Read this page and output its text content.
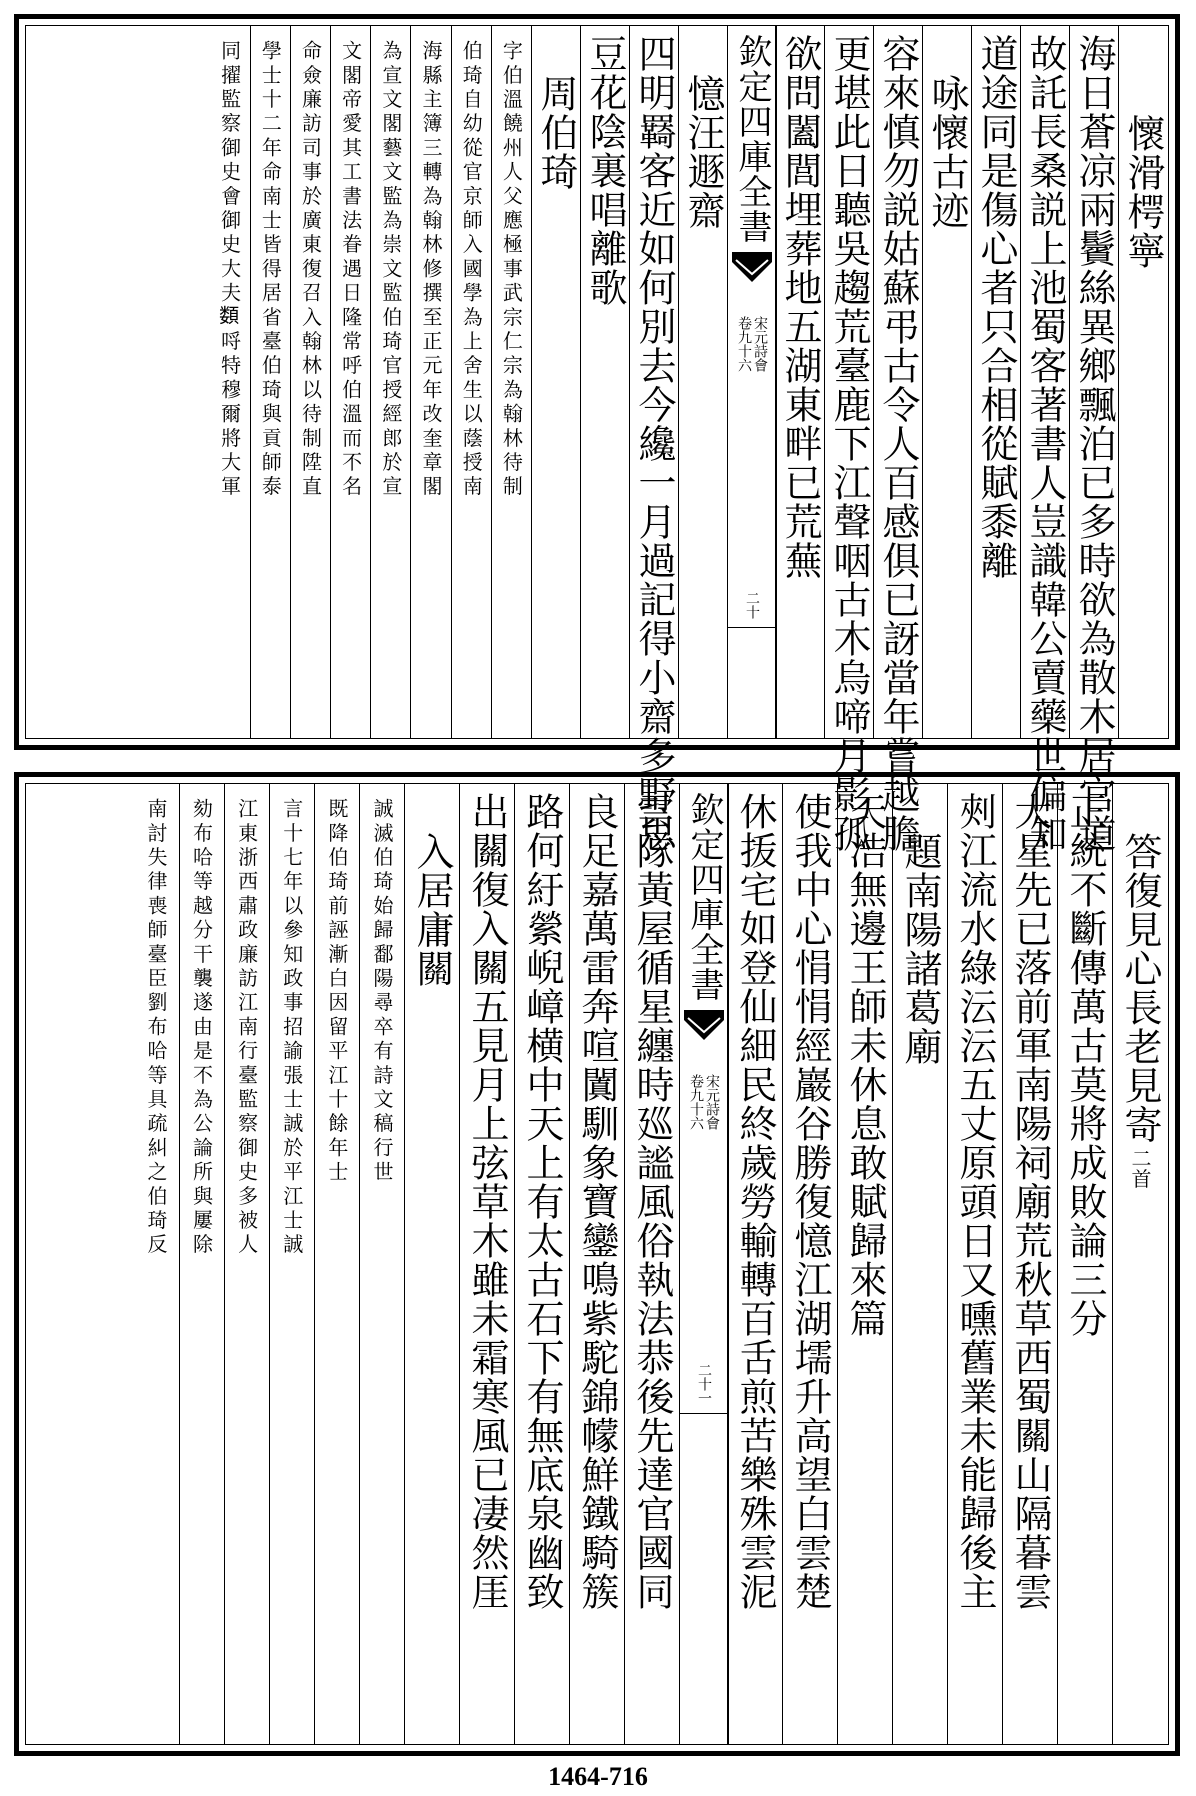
懷滑㮙寧
海日蒼凉兩鬢絲異鄉飄泊已多時欲為散木居官道
故託長桑説上池蜀客著書人豈識韓公賣藥世偏知
道途同是傷心者只合相從賦黍離
咏懷古迹
容來慎勿説姑蘇弔古令人百感俱已訝當年嘗越膽
更堪此日聽吳趨荒臺鹿下江聲咽古木烏啼月影孤
欲問闔閭埋葬地五湖東畔已荒蕪
欽定四庫全書
宋元詩會
卷九十六
二十
憶汪遯齋
四明羇客近如何別去今纔一月過記得小齋多野思
豆花陰裏唱離歌
周伯琦
字伯溫饒州人父應極事武宗仁宗為翰林待制
伯琦自幼從官京師入國學為上舍生以蔭授南
海縣主簿三轉為翰林修撰至正元年改奎章閣
為宣文閣藝文監為崇文監伯琦官授經郎於宣
文閣帝愛其工書法眷遇日隆常呼伯溫而不名
命僉廉訪司事於廣東復召入翰林以待制陞直
學士十二年命南士皆得居省臺伯琦與貢師泰
同擢監察御史會御史大夫𩔗哷特穆爾將大軍
答復見心長老見寄
二首
正統不斷傳萬古莫將成敗論三分
大星先已落前軍南陽祠廟荒秋草西蜀關山隔暮雲
㓨江流水綠沄沄五丈原頭日又曛舊業未能歸後主
題南陽諸葛廟
天浩無邊王師未休息敢賦歸來篇
使我中心悁悁經巖谷勝復憶江湖壖升高望白雲楚
休㧞宅如登仙細民終歲勞輸轉百舌煎苦樂殊雲泥
欽定四庫全書
宋元詩會
卷九十六
二十一
雲隊黃屋循星纏時廵謐風俗執法恭後先達官國同
良足嘉萬雷奔喧闐馴象寶鑾鳴紫駝錦幪鮮鐵騎簇
路何紆縈𡸣嶂横中天上有太古石下有無底泉幽致
出關復入關五見月上弦草木雖未霜寒風已凄然厓
入居庸關
誠滅伯琦始歸鄱陽尋卒有詩文稿行世
既降伯琦前誣漸白因留平江十餘年士
言十七年以參知政事招諭張士誠於平江士誠
江東浙西肅政廉訪江南行臺監察御史多被人
劾布哈等越分干襲遂由是不為公論所與屢除
南討失律喪師臺臣劉布哈等具疏糾之伯琦反
1464-716
